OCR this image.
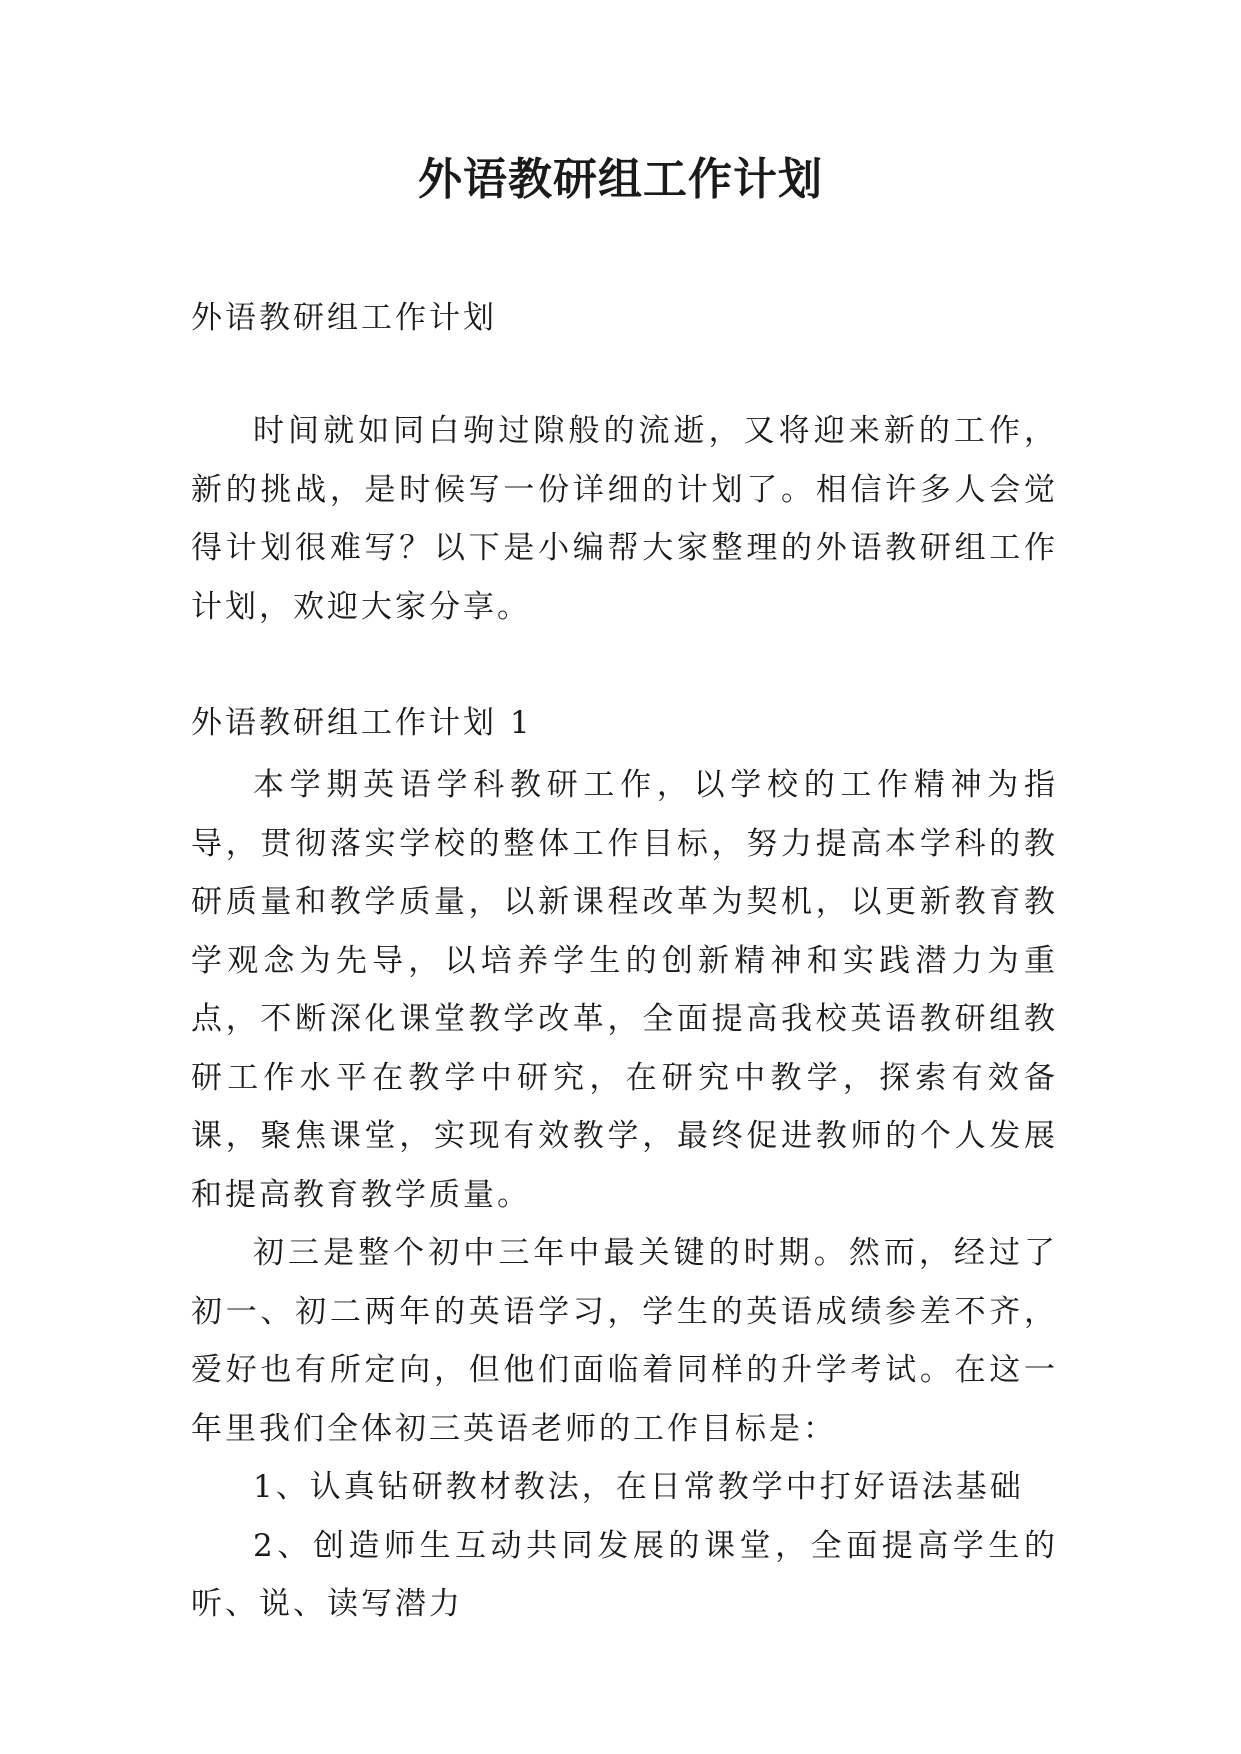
外语教研组工作计划
外语教研组工作计划

时间就如同白驹过隙般的流逝，又将迎来新的工作，新的挑战，是时候写一份详细的计划了。相信许多人会觉得计划很难写？以下是小编帮大家整理的外语教研组工作计划，欢迎大家分享。

外语教研组工作计划 1

本学期英语学科教研工作，以学校的工作精神为指导，贯彻落实学校的整体工作目标，努力提高本学科的教研质量和教学质量，以新课程改革为契机，以更新教育教学观念为先导，以培养学生的创新精神和实践潜力为重点，不断深化课堂教学改革，全面提高我校英语教研组教研工作水平在教学中研究，在研究中教学，探索有效备课，聚焦课堂，实现有效教学，最终促进教师的个人发展和提高教育教学质量。

初三是整个初中三年中最关键的时期。然而，经过了初一、初二两年的英语学习，学生的英语成绩参差不齐，爱好也有所定向，但他们面临着同样的升学考试。在这一年里我们全体初三英语老师的工作目标是：

1、认真钻研教材教法，在日常教学中打好语法基础

2、创造师生互动共同发展的课堂，全面提高学生的听、说、读写潜力
